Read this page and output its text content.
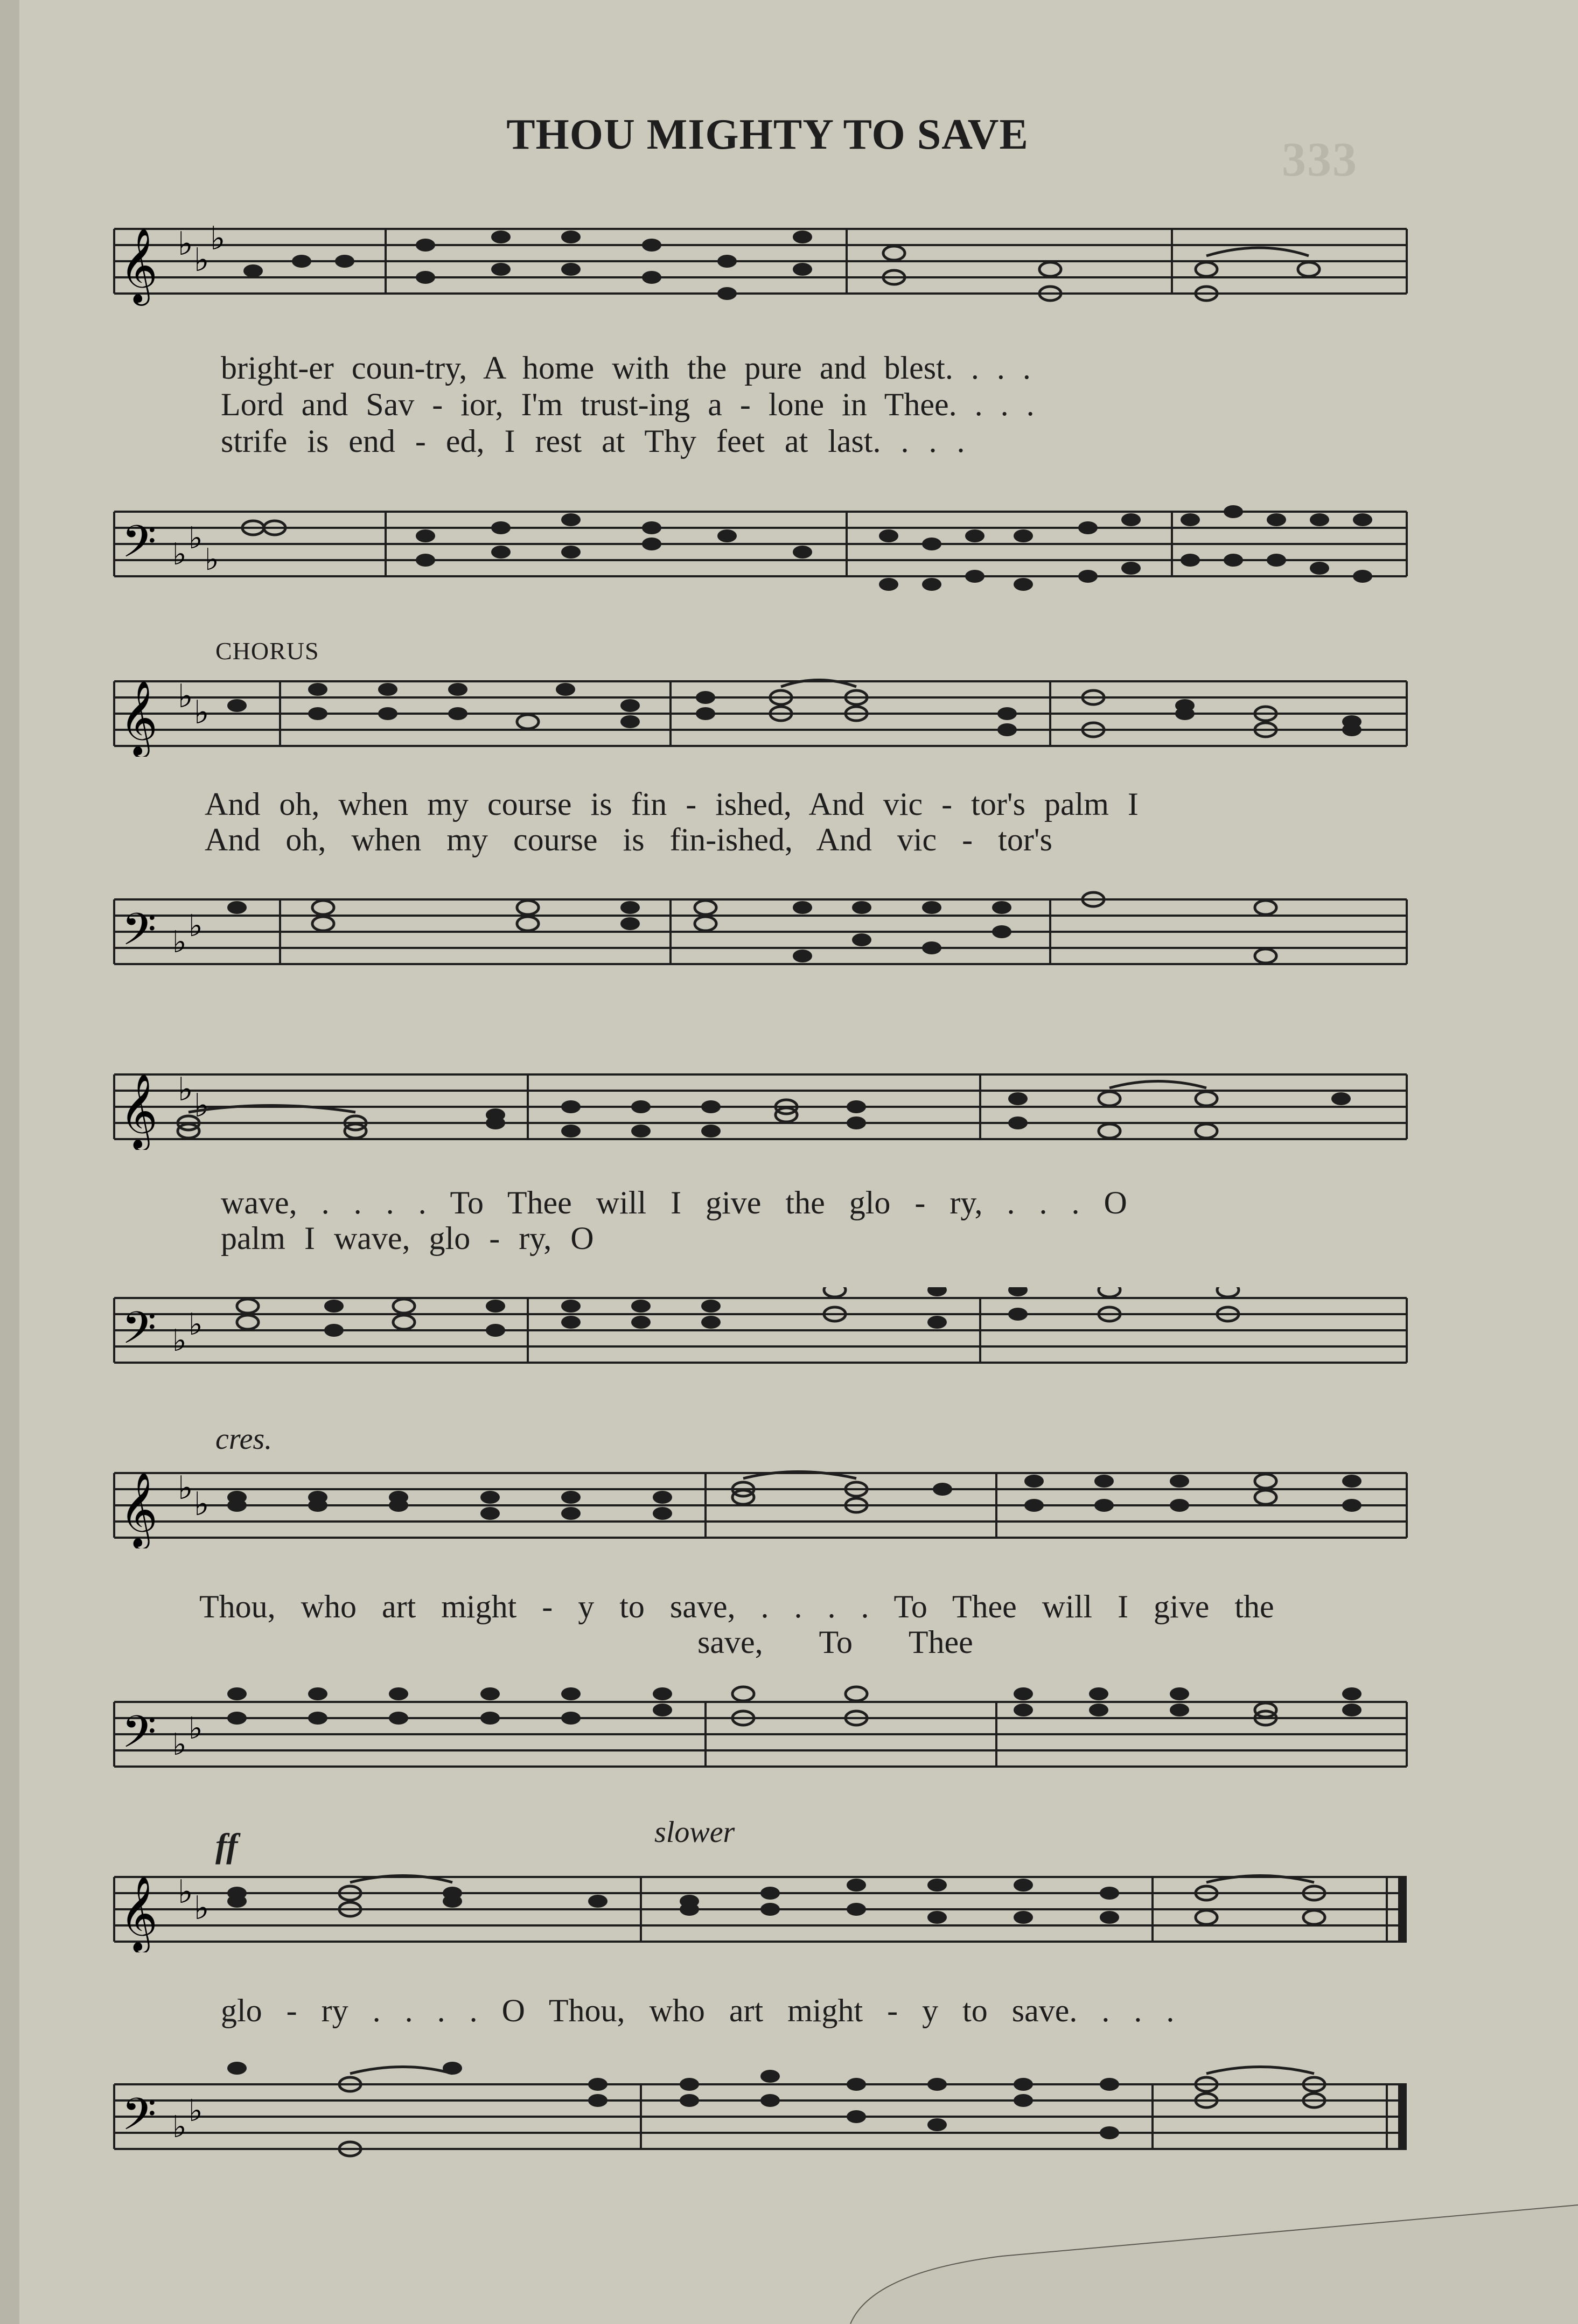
333
THOU MIGHTY TO SAVE
𝄞 ♭ ♭
♭
bright-er coun-try, A home with the pure and blest. . . .
Lord and Sav - ior, I'm trust-ing a - lone in Thee. . . .
strife is end - ed, I rest at Thy feet at last. . . .
𝄢 ♭ ♭
♭
CHORUS
𝄞 ♭ ♭
And oh, when my course is fin - ished, And vic - tor's palm I
And oh, when my course is fin-ished, And vic - tor's
𝄢 ♭ ♭
𝄞 ♭ ♭
wave, . . . . To Thee will I give the glo - ry, . . . O
palm I wave, glo - ry, O
𝄢 ♭ ♭
cres.
𝄞 ♭ ♭
Thou, who art might - y to save, . . . . To Thee will I give the
save, To Thee
𝄢 ♭ ♭
ff	slower
𝄞 ♭ ♭
glo - ry . . . . O Thou, who art might - y to save. . . .
𝄢 ♭ ♭
